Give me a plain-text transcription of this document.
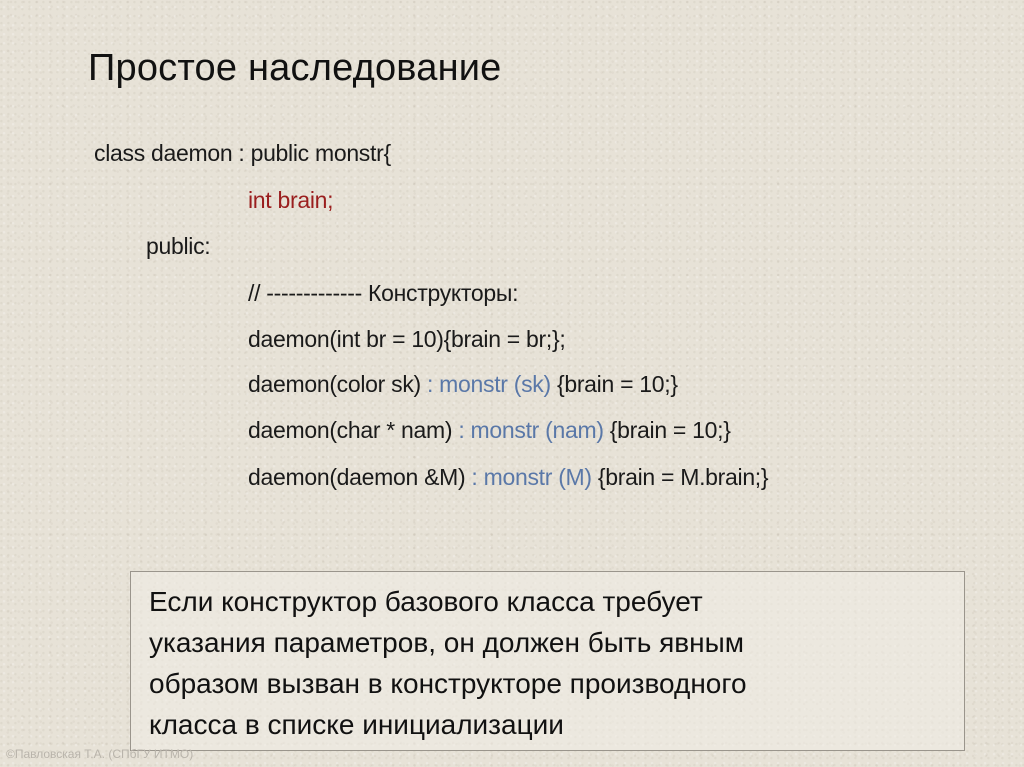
Простое наследование
class daemon : public monstr{
int brain;
public:
// ------------- Конструкторы:
daemon(int br = 10){brain = br;};
daemon(color sk) : monstr (sk) {brain = 10;}
daemon(char * nam) : monstr (nam) {brain = 10;}
daemon(daemon &M) : monstr (M) {brain = M.brain;}
Если конструктор базового класса требует
указания параметров, он должен быть явным
образом вызван в конструкторе производного
класса в списке инициализации
©Павловская Т.А. (СПбГУ ИТМО)
